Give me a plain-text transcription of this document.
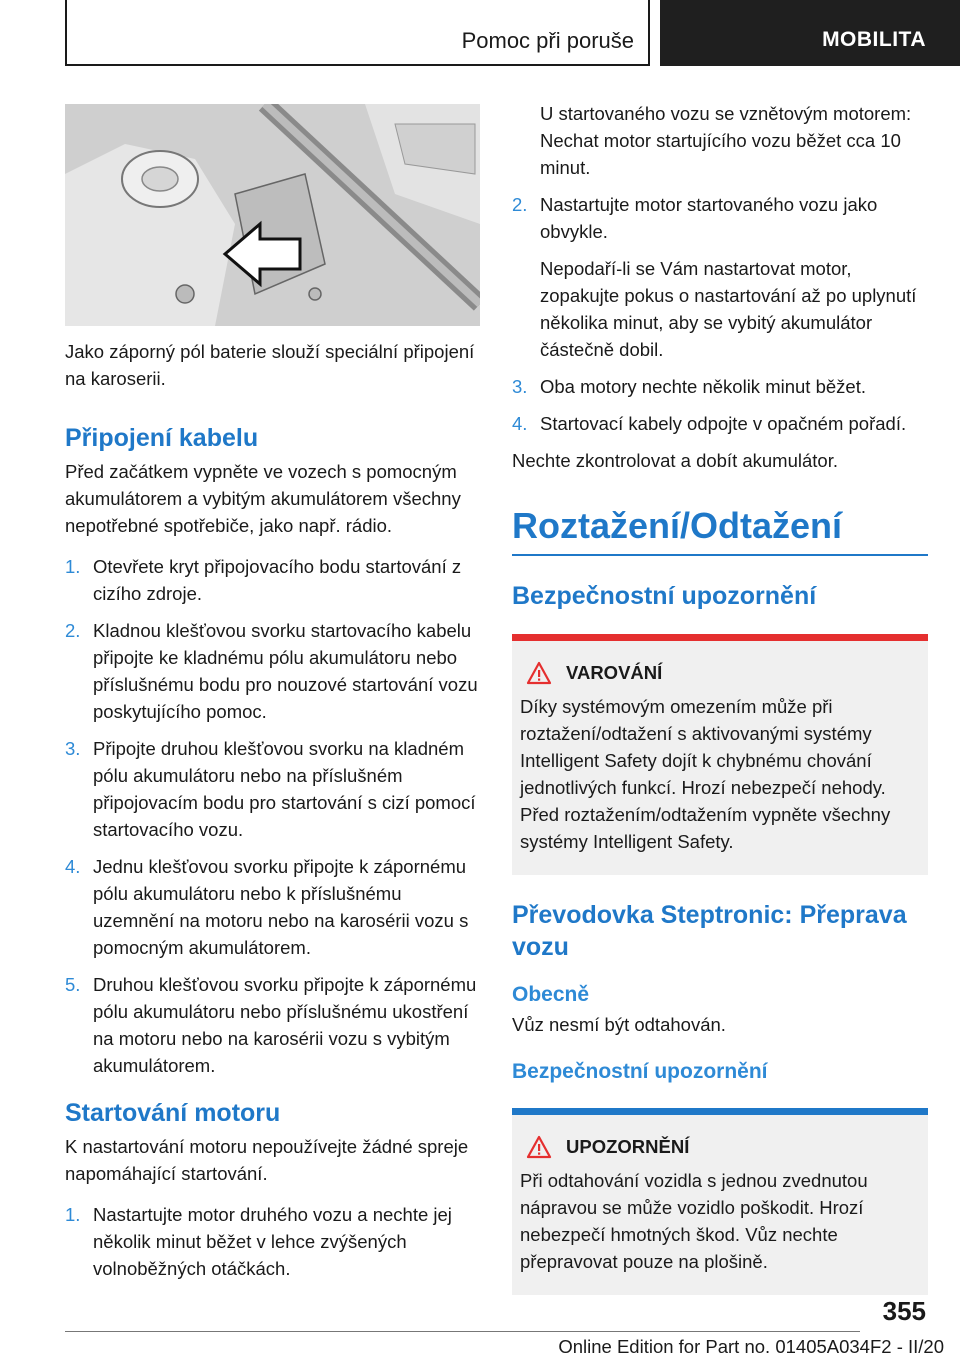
Pomoc při poruše	MOBILITA

Jako záporný pól baterie slouží speciální připojení na karoserii.

Připojení kabelu

Před začátkem vypněte ve vozech s pomocným akumulátorem a vybitým akumulátorem všechny nepotřebné spotřebiče, jako např. rádio.

1. Otevřete kryt připojovacího bodu startování z cizího zdroje.
2. Kladnou klešťovou svorku startovacího kabelu připojte ke kladnému pólu akumulátoru nebo příslušnému bodu pro nouzové startování vozu poskytujícího pomoc.
3. Připojte druhou klešťovou svorku na kladném pólu akumulátoru nebo na příslušném připojovacím bodu pro startování s cizí pomocí startovacího vozu.
4. Jednu klešťovou svorku připojte k zápornému pólu akumulátoru nebo k příslušnému uzemnění na motoru nebo na karosérii vozu s pomocným akumulátorem.
5. Druhou klešťovou svorku připojte k zápornému pólu akumulátoru nebo příslušnému ukostření na motoru nebo na karosérii vozu s vybitým akumulátorem.
Startování motoru

K nastartování motoru nepoužívejte žádné spreje napomáhající startování.

1. Nastartujte motor druhého vozu a nechte jej několik minut běžet v lehce zvýšených volnoběžných otáčkách.
U startovaného vozu se vznětovým motorem: Nechat motor startujícího vozu běžet cca 10 minut.
2. Nastartujte motor startovaného vozu jako obvykle.
Nepodaří-li se Vám nastartovat motor, zopakujte pokus o nastartování až po uplynutí několika minut, aby se vybitý akumulátor částečně dobil.
3. Oba motory nechte několik minut běžet.
4. Startovací kabely odpojte v opačném pořadí.

Nechte zkontrolovat a dobít akumulátor.

Roztažení/Odtažení
Bezpečnostní upozornění
VAROVÁNÍ
Díky systémovým omezením může při roztažení/odtažení s aktivovanými systémy Intelligent Safety dojít k chybnému chování jednotlivých funkcí. Hrozí nebezpečí nehody. Před roztažením/odtažením vypněte všechny systémy Intelligent Safety.
Převodovka Steptronic: Přeprava vozu
Obecně

Vůz nesmí být odtahován.

Bezpečnostní upozornění
UPOZORNĚNÍ
Při odtahování vozidla s jednou zvednutou nápravou se může vozidlo poškodit. Hrozí nebezpečí hmotných škod. Vůz nechte přepravovat pouze na plošině.
355
Online Edition for Part no. 01405A034F2 - II/20
